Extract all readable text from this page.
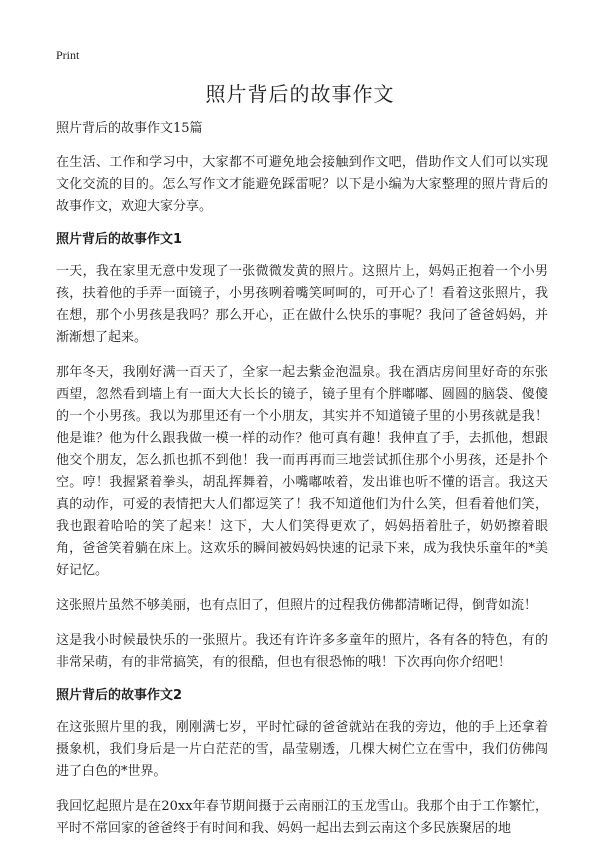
Print
照片背后的故事作文

照片背后的故事作文15篇

在生活、工作和学习中，大家都不可避免地会接触到作文吧，借助作文人们可以实现文化交流的目的。怎么写作文才能避免踩雷呢？以下是小编为大家整理的照片背后的故事作文，欢迎大家分享。

照片背后的故事作文1

一天，我在家里无意中发现了一张微微发黄的照片。这照片上，妈妈正抱着一个小男孩，扶着他的手弄一面镜子，小男孩咧着嘴笑呵呵的，可开心了！看着这张照片，我在想，那个小男孩是我吗？那么开心，正在做什么快乐的事呢？我问了爸爸妈妈，并渐渐想了起来。

那年冬天，我刚好满一百天了，全家一起去紫金泡温泉。我在酒店房间里好奇的东张西望，忽然看到墙上有一面大大长长的镜子，镜子里有个胖嘟嘟、圆圆的脑袋、傻傻的一个小男孩。我以为那里还有一个小朋友，其实并不知道镜子里的小男孩就是我！他是谁？他为什么跟我做一模一样的动作？他可真有趣！我伸直了手，去抓他，想跟他交个朋友，怎么抓也抓不到他！我一而再再而三地尝试抓住那个小男孩，还是扑个空。哼！我握紧着拳头，胡乱挥舞着，小嘴嘟哝着，发出谁也听不懂的语言。我这天真的动作，可爱的表情把大人们都逗笑了！我不知道他们为什么笑，但看着他们笑，我也跟着哈哈的笑了起来！这下，大人们笑得更欢了，妈妈捂着肚子，奶奶擦着眼角，爸爸笑着躺在床上。这欢乐的瞬间被妈妈快速的记录下来，成为我快乐童年的*美好记忆。

这张照片虽然不够美丽，也有点旧了，但照片的过程我仿佛都清晰记得，倒背如流！

这是我小时候最快乐的一张照片。我还有许许多多童年的照片，各有各的特色，有的非常呆萌，有的非常搞笑，有的很酷，但也有很恐怖的哦！下次再向你介绍吧！

照片背后的故事作文2

在这张照片里的我，刚刚满七岁，平时忙碌的爸爸就站在我的旁边，他的手上还拿着摄象机，我们身后是一片白茫茫的雪，晶莹剔透，几棵大树伫立在雪中，我们仿佛闯进了白色的*世界。

我回忆起照片是在20xx年春节期间摄于云南丽江的玉龙雪山。我那个由于工作繁忙，平时不常回家的爸爸终于有时间和我、妈妈一起出去到云南这个多民族聚居的地
